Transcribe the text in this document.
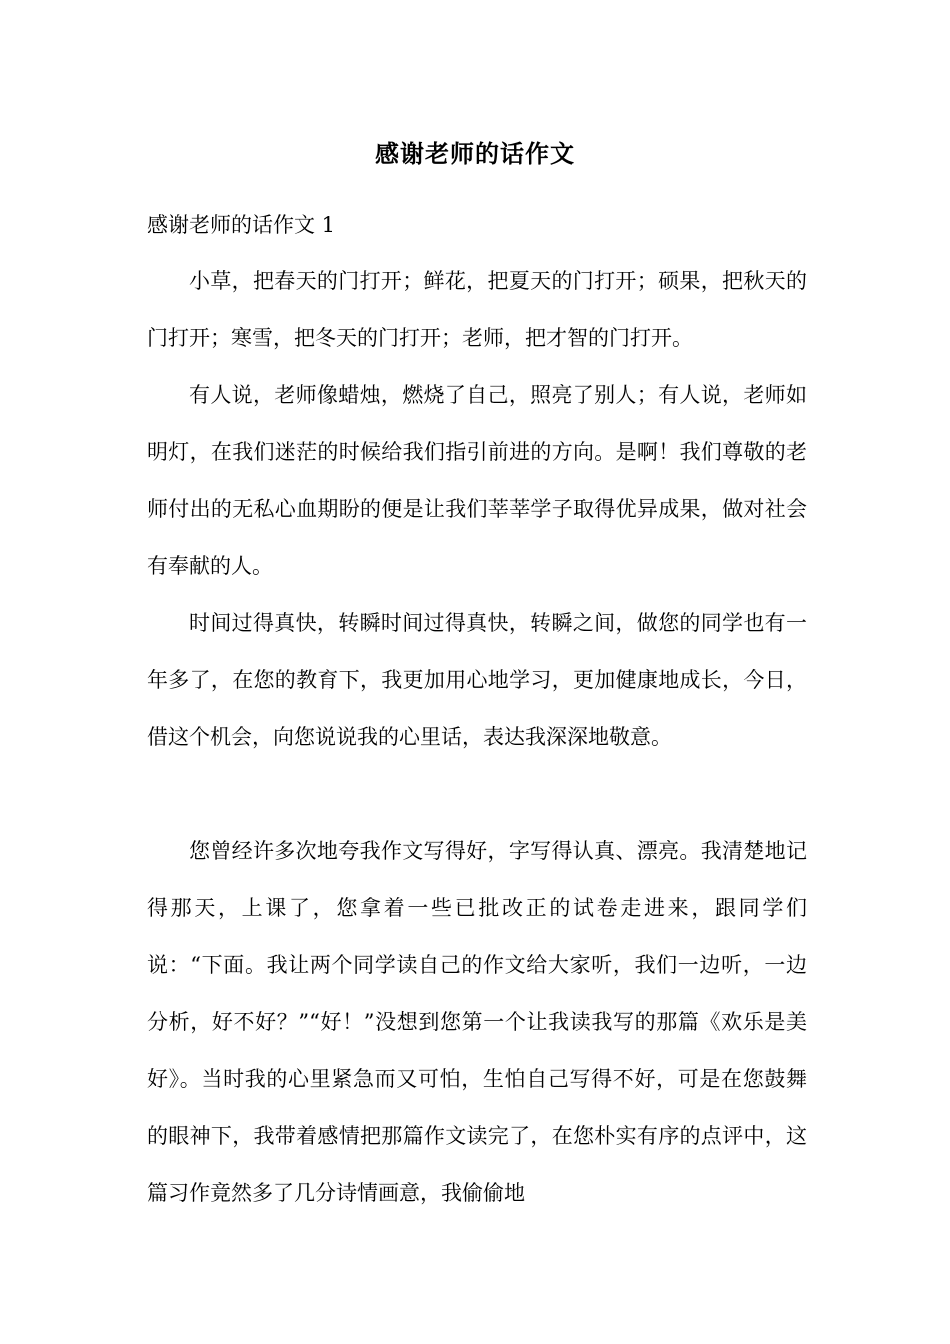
感谢老师的话作文
感谢老师的话作文 1

小草，把春天的门打开；鲜花，把夏天的门打开；硕果，把秋天的门打开；寒雪，把冬天的门打开；老师，把才智的门打开。

有人说，老师像蜡烛，燃烧了自己，照亮了别人；有人说，老师如明灯，在我们迷茫的时候给我们指引前进的方向。是啊！我们尊敬的老师付出的无私心血期盼的便是让我们莘莘学子取得优异成果，做对社会有奉献的人。

时间过得真快，转瞬时间过得真快，转瞬之间，做您的同学也有一年多了，在您的教育下，我更加用心地学习，更加健康地成长，今日，借这个机会，向您说说我的心里话，表达我深深地敬意。

您曾经许多次地夸我作文写得好，字写得认真、漂亮。我清楚地记得那天，上课了，您拿着一些已批改正的试卷走进来，跟同学们说：“下面。我让两个同学读自己的作文给大家听，我们一边听，一边分析，好不好？”“好！”没想到您第一个让我读我写的那篇《欢乐是美好》。当时我的心里紧急而又可怕，生怕自己写得不好，可是在您鼓舞的眼神下，我带着感情把那篇作文读完了，在您朴实有序的点评中，这篇习作竟然多了几分诗情画意，我偷偷地
